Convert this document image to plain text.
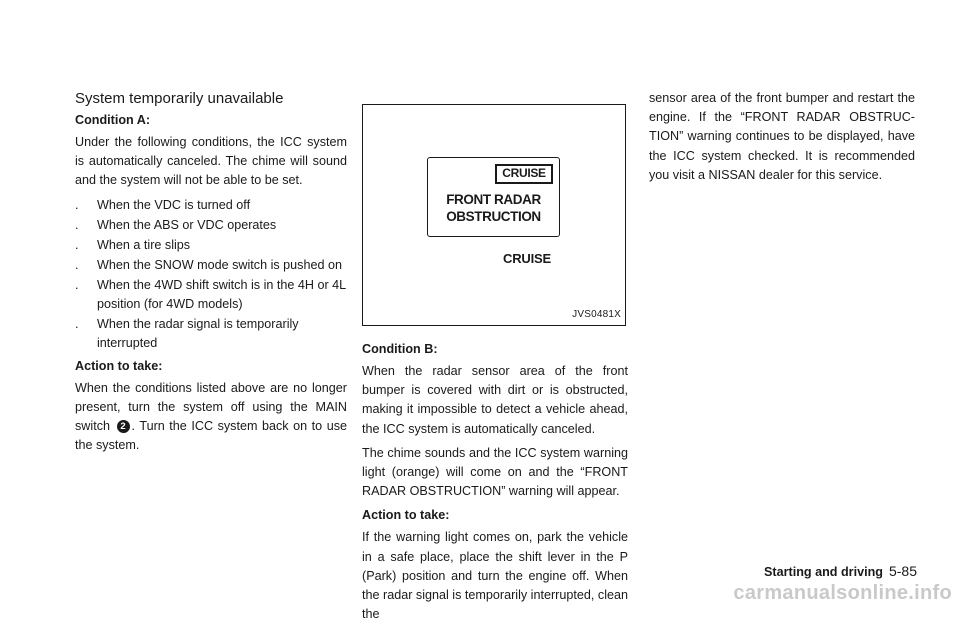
System temporarily unavailable
Condition A:

Under the following conditions, the ICC system is automatically canceled. The chime will sound and the system will not be able to be set.

. When the VDC is turned off
. When the ABS or VDC operates
. When a tire slips
. When the SNOW mode switch is pushed on
. When the 4WD shift switch is in the 4H or 4L position (for 4WD models)
. When the radar signal is temporarily interrupted
Action to take:

When the conditions listed above are no longer present, turn the system off using the MAIN switch 2 . Turn the ICC system back on to use the system.

CRUISE
FRONT RADAR
OBSTRUCTION
CRUISE
JVS0481X
Condition B:

When the radar sensor area of the front bumper is covered with dirt or is obstructed, making it impossible to detect a vehicle ahead, the ICC system is automatically canceled.

The chime sounds and the ICC system warning light (orange) will come on and the “FRONT RADAR OBSTRUCTION” warning will appear.

Action to take:

If the warning light comes on, park the vehicle in a safe place, place the shift lever in the P (Park) position and turn the engine off. When the radar signal is temporarily interrupted, clean the

sensor area of the front bumper and restart the engine. If the “FRONT RADAR OBSTRUC-TION” warning continues to be displayed, have the ICC system checked. It is recommended you visit a NISSAN dealer for this service.

Starting and driving 5-85
carmanualsonline.info
